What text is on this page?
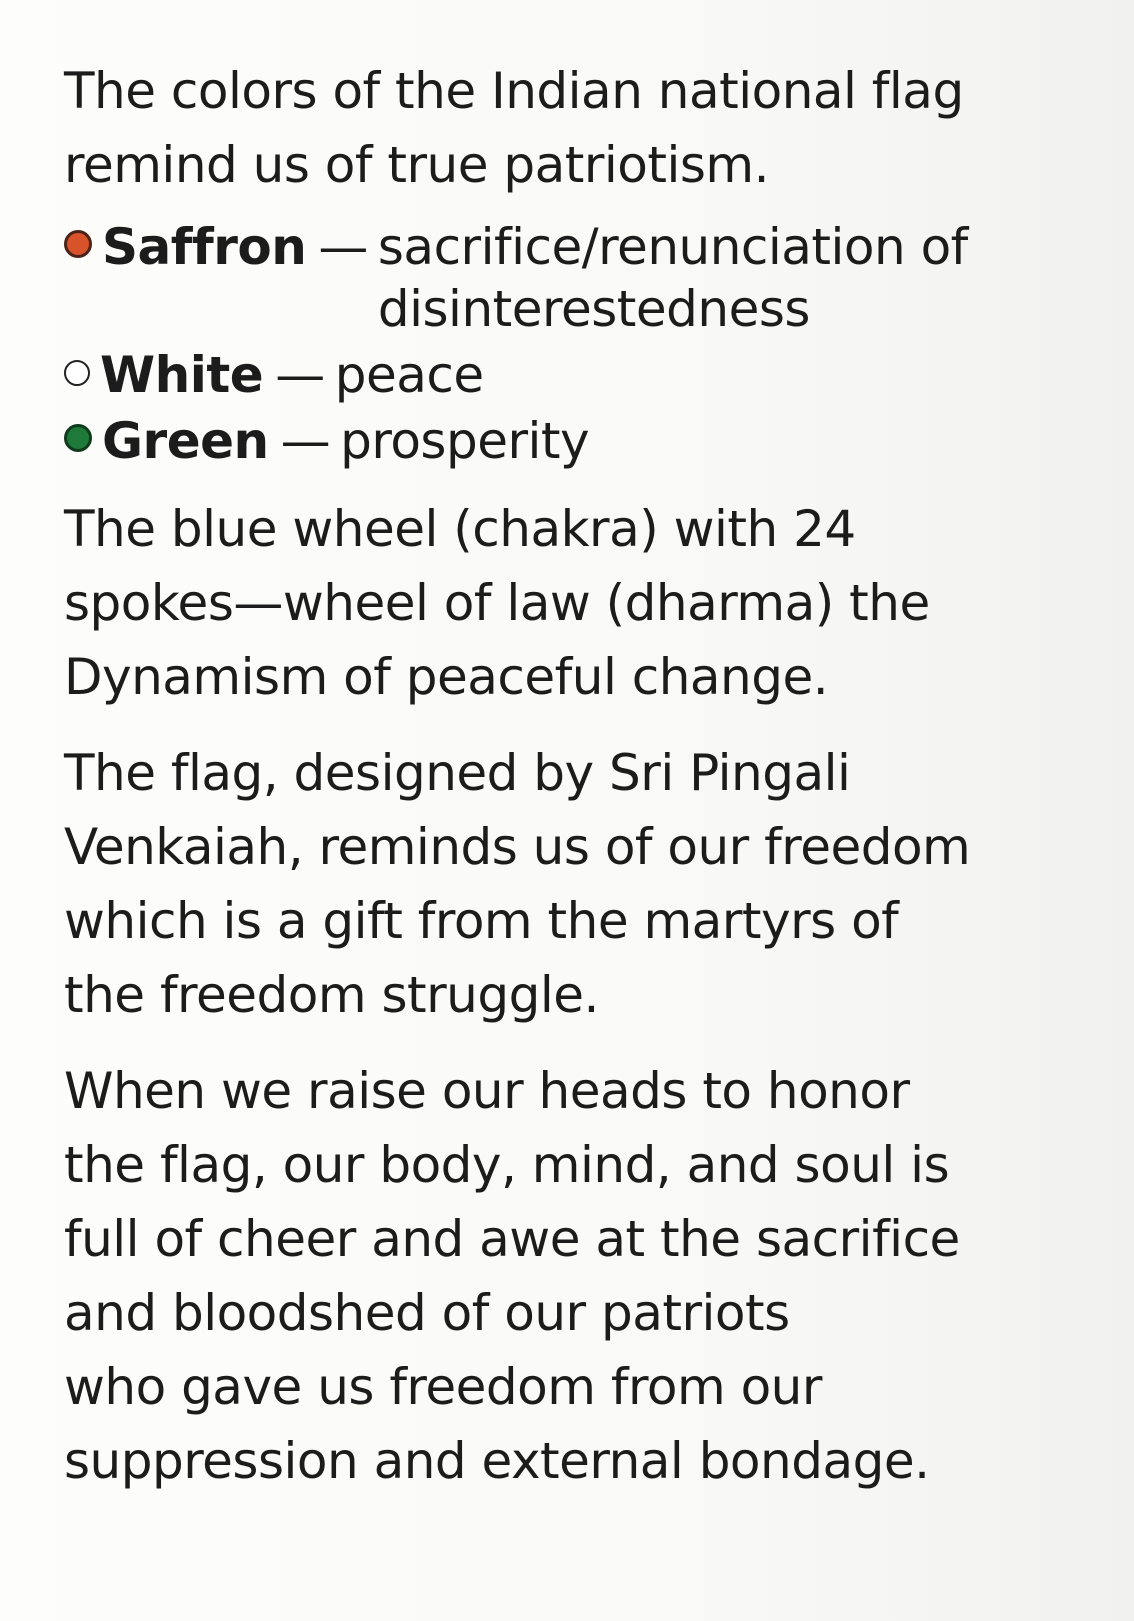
The colors of the Indian national flag
remind us of true patriotism.

Saffron — sacrifice/renunciation of
disinterestedness
White — peace
Green — prosperity

The blue wheel (chakra) with 24
spokes—wheel of law (dharma) the
Dynamism of peaceful change.

The flag, designed by Sri Pingali
Venkaiah, reminds us of our freedom
which is a gift from the martyrs of
the freedom struggle.

When we raise our heads to honor
the flag, our body, mind, and soul is
full of cheer and awe at the sacrifice
and bloodshed of our patriots
who gave us freedom from our
suppression and external bondage.
